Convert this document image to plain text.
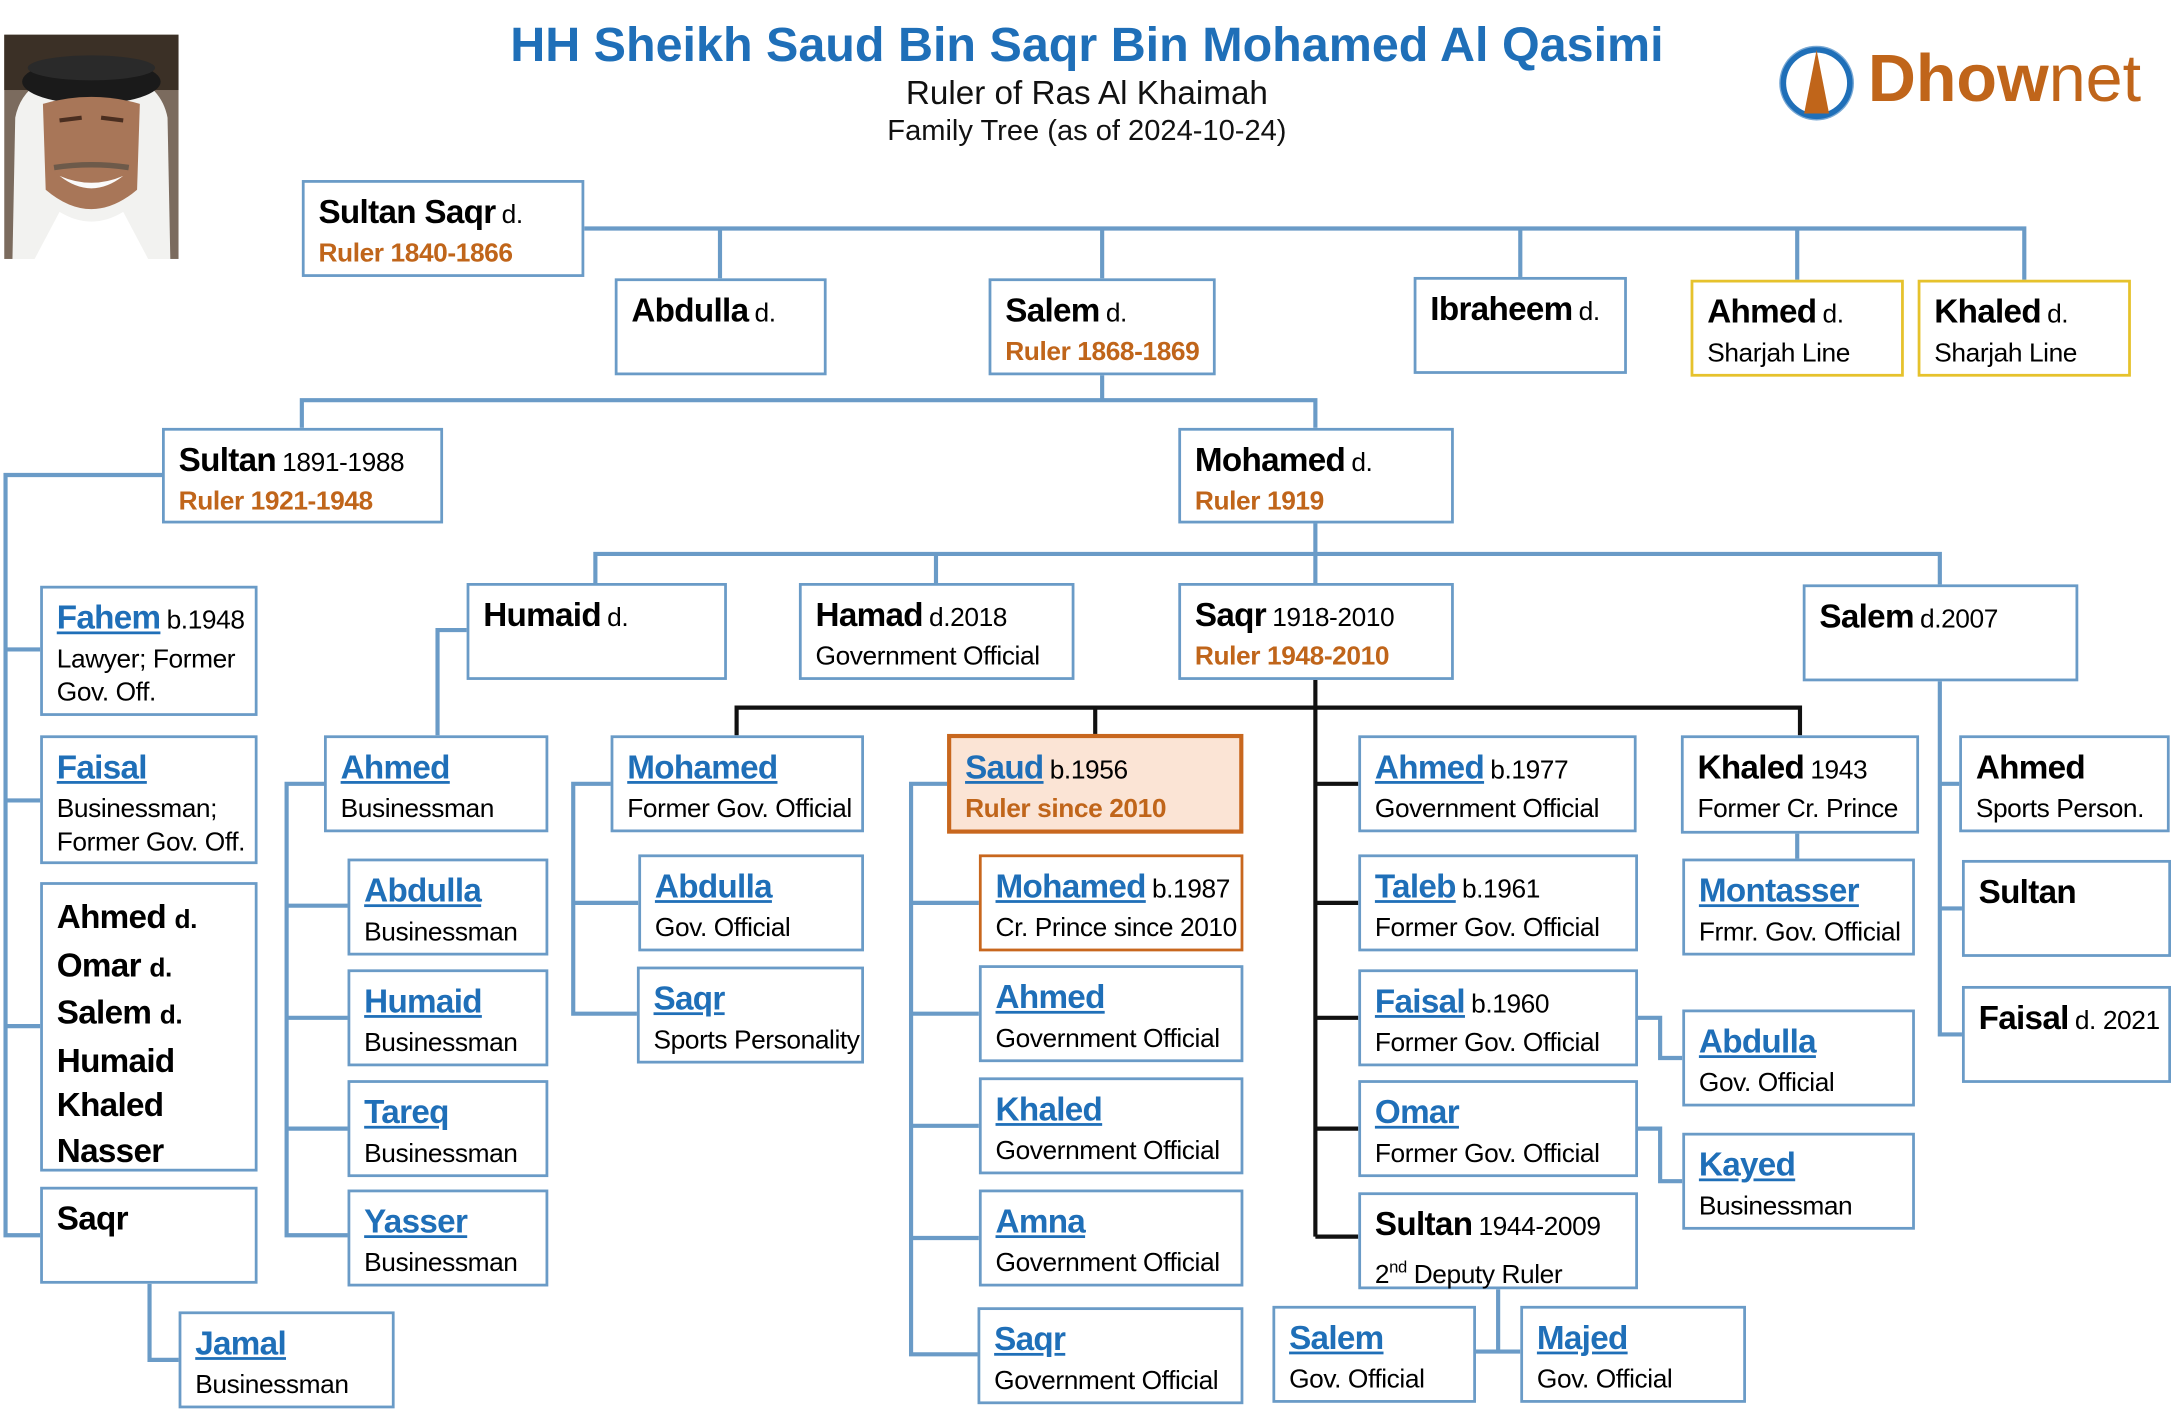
HH Sheikh Saud Bin Saqr Bin Mohamed Al Qasimi
Ruler of Ras Al Khaimah
Family Tree (as of 2024-10-24)
Dhownet
Sultan Saqr d.
Ruler 1840-1866
Abdulla d.	Salem d.
Ruler 1868-1869
Ibraheem d.	Ahmed d.
Sharjah Line
Khaled d.
Sharjah Line
Sultan 1891-1988
Ruler 1921-1948
Mohamed d.
Ruler 1919
Humaid d.	Hamad d.2018
Government Official
Saqr 1918-2010
Ruler 1948-2010
Salem d.2007
Fahem b.1948
Lawyer; Former
Gov. Off.
Faisal
Businessman;
Former Gov. Off.
Ahmed d.
Omar d.
Salem d.
Humaid
Khaled
Nasser
Saqr
Jamal
Businessman
Ahmed
Businessman
Abdulla
Businessman
Humaid
Businessman
Tareq
Businessman
Yasser
Businessman
Mohamed
Former Gov. Official
Abdulla
Gov. Official
Saqr
Sports Personality
Saud b.1956
Ruler since 2010
Mohamed b.1987
Cr. Prince since 2010
Ahmed
Government Official
Khaled
Government Official
Amna
Government Official
Saqr
Government Official
Ahmed b.1977
Government Official
Taleb b.1961
Former Gov. Official
Faisal b.1960
Former Gov. Official
Omar
Former Gov. Official
Sultan 1944-2009
2nd Deputy Ruler
Salem
Gov. Official
Majed
Gov. Official
Khaled 1943
Former Cr. Prince
Montasser
Frmr. Gov. Official
Abdulla
Gov. Official
Kayed
Businessman
Ahmed
Sports Person.
Sultan
Faisal d. 2021
